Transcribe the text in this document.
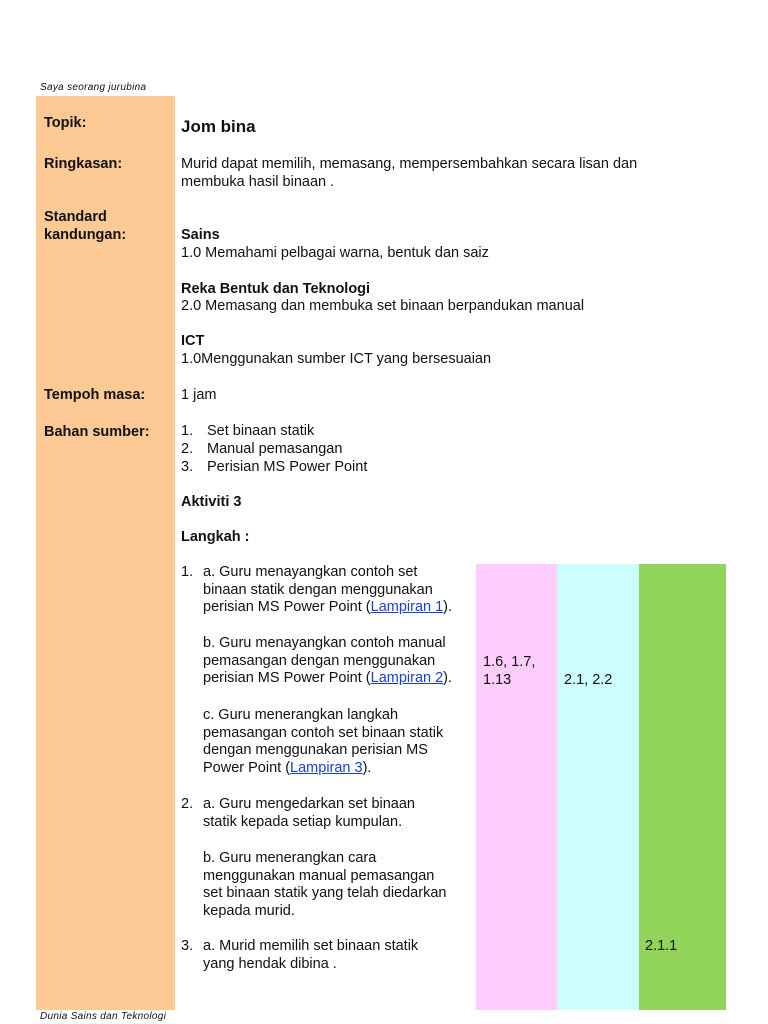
Saya seorang jurubina
Topik:
Ringkasan:
Standard
kandungan:
Tempoh masa:
Bahan sumber:
Jom bina
Murid dapat memilih, memasang, mempersembahkan secara lisan dan
membuka hasil binaan .
Sains
1.0 Memahami pelbagai warna, bentuk dan saiz
Reka Bentuk dan Teknologi
2.0 Memasang dan membuka set binaan berpandukan manual
ICT
1.0Menggunakan sumber ICT yang bersesuaian
1 jam
1. Set binaan statik
2. Manual pemasangan
3. Perisian MS Power Point
Aktiviti 3
Langkah :
1. a. Guru menayangkan contoh set
binaan statik dengan menggunakan
perisian MS Power Point (Lampiran 1).
b. Guru menayangkan contoh manual
pemasangan dengan menggunakan
perisian MS Power Point (Lampiran 2).
c. Guru menerangkan langkah
pemasangan contoh set binaan statik
dengan menggunakan perisian MS
Power Point (Lampiran 3).
2. a. Guru mengedarkan set binaan
statik kepada setiap kumpulan.
b. Guru menerangkan cara
menggunakan manual pemasangan
set binaan statik yang telah diedarkan
kepada murid.
3. a. Murid memilih set binaan statik
yang hendak dibina .
1.6, 1.7,
1.13	2.1, 2.2
2.1.1
Dunia Sains dan Teknologi
